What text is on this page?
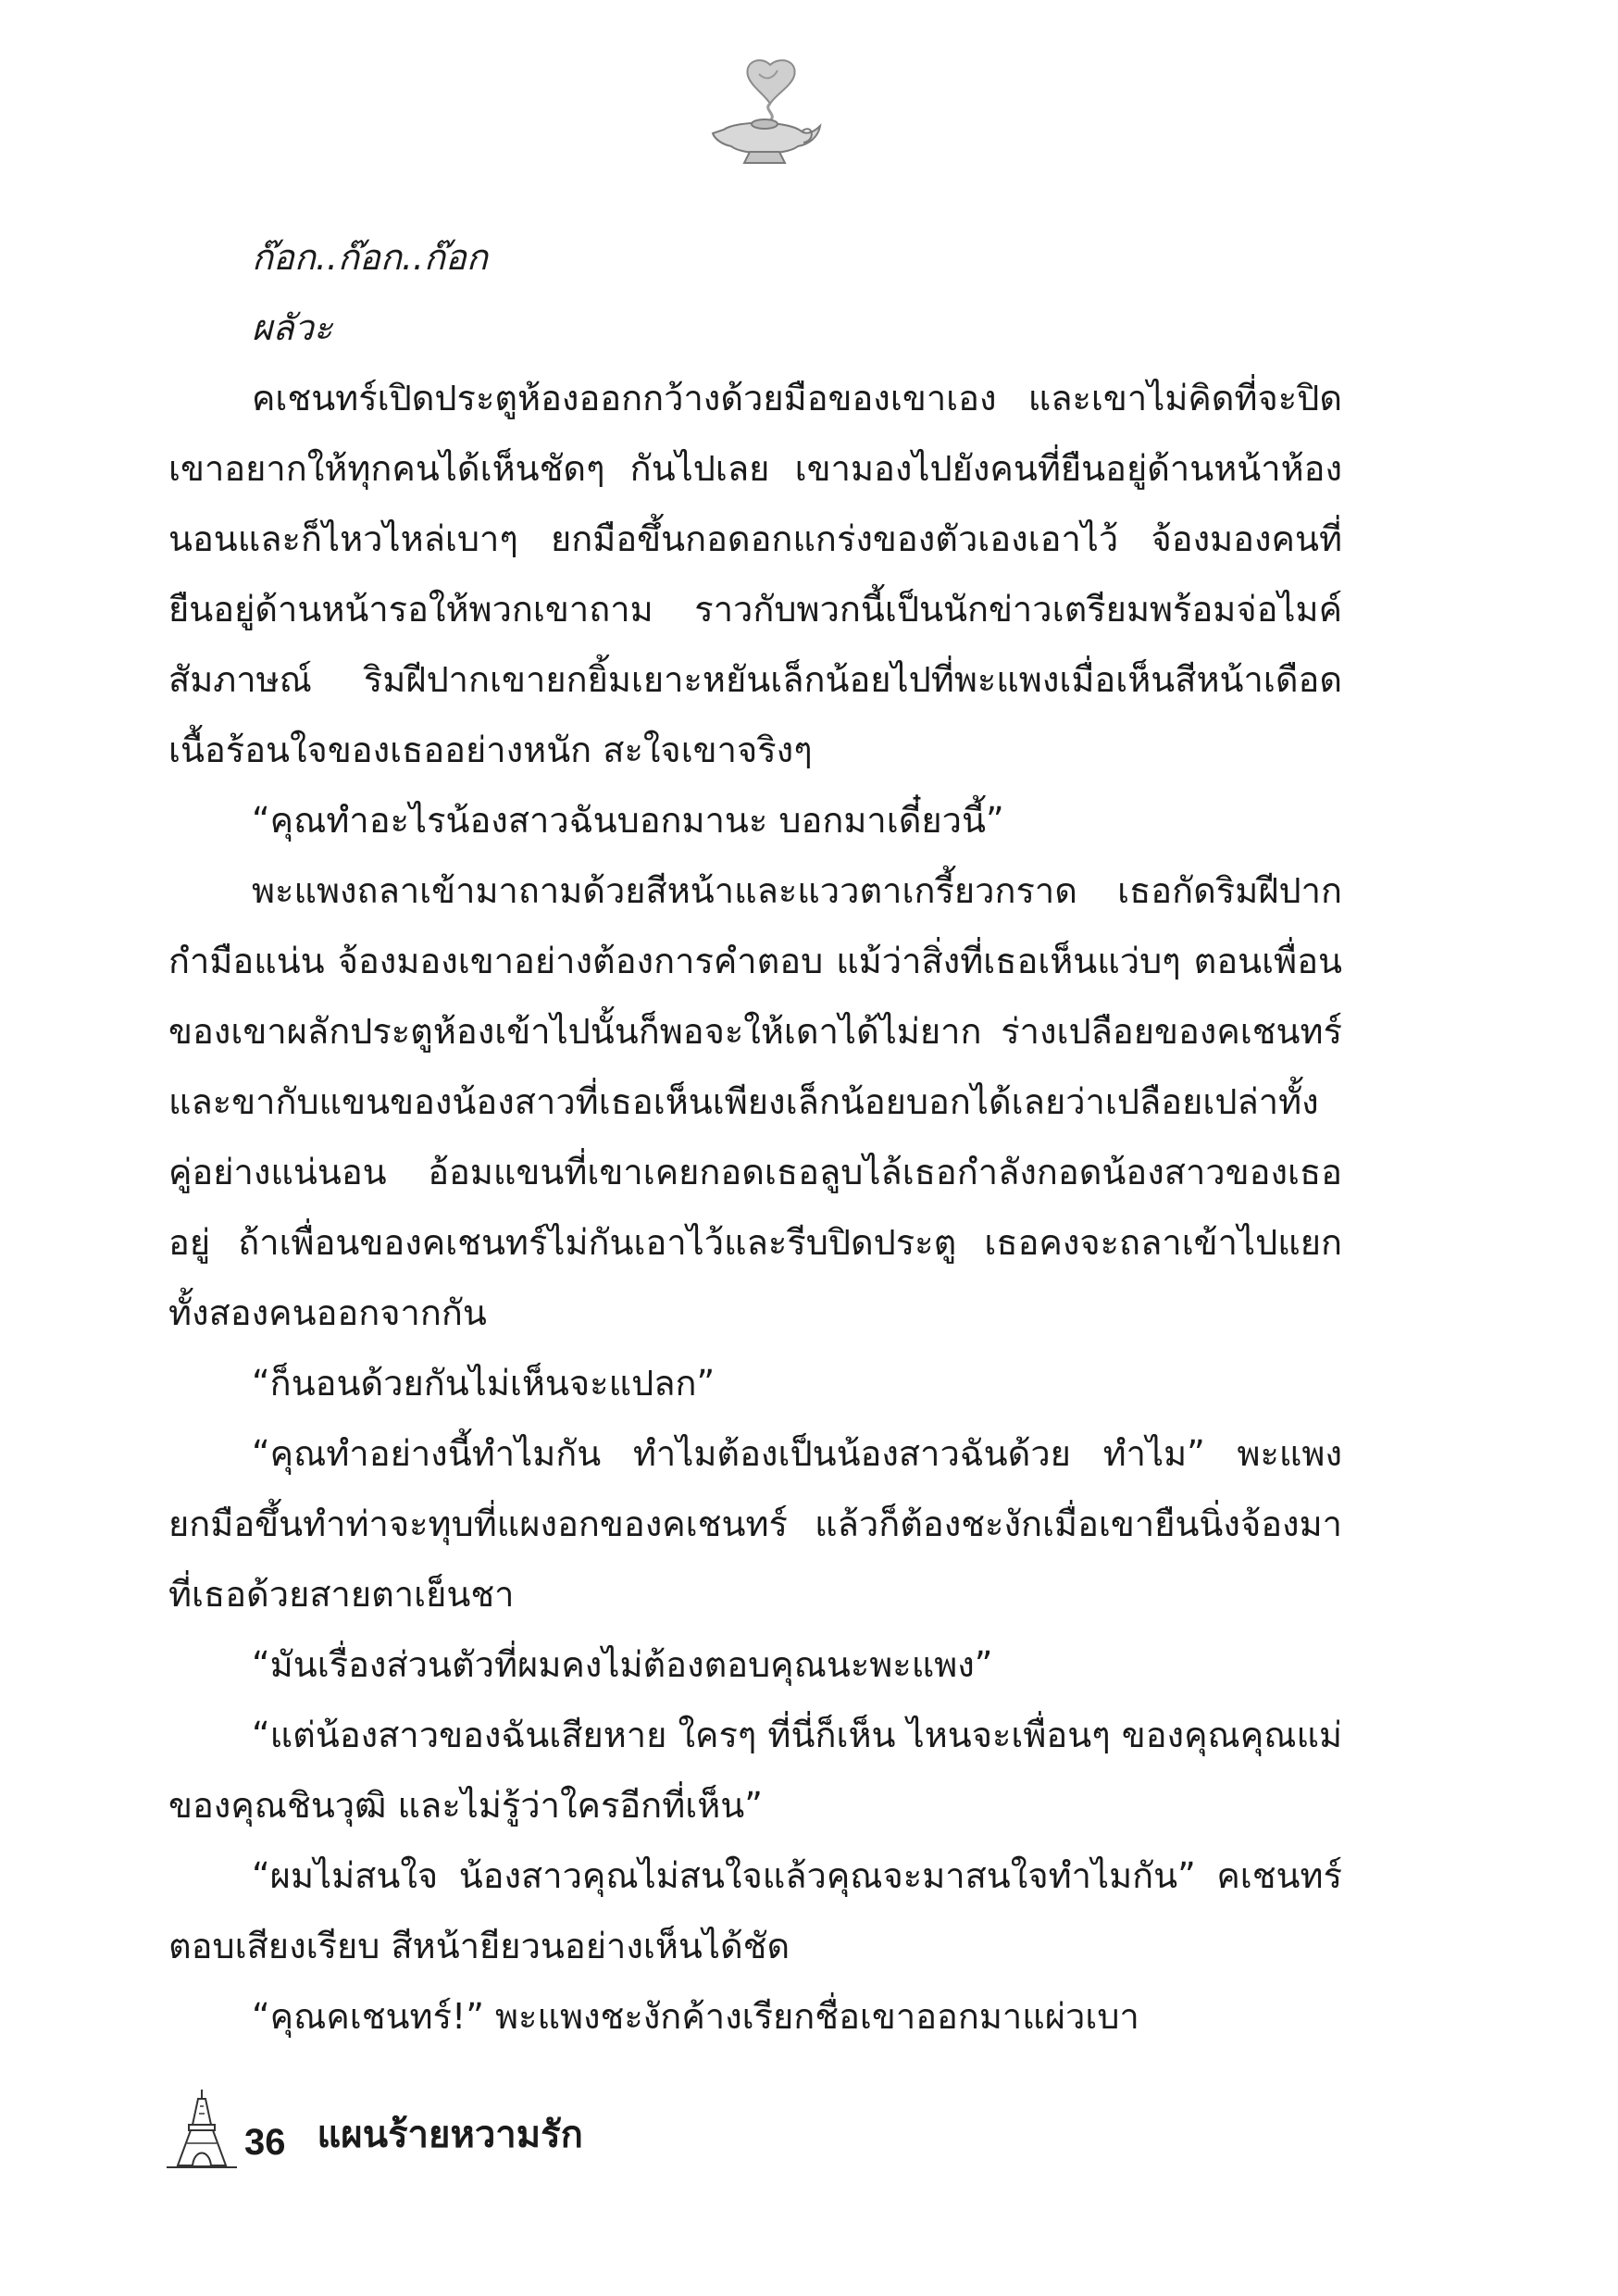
ก๊อก..ก๊อก..ก๊อก

ผลัวะ

คเชนทร์เปิดประตูห้องออกกว้างด้วยมือของเขาเอง และเขาไม่คิดที่จะปิด เขาอยากให้ทุกคนได้เห็นชัดๆ กันไปเลย เขามองไปยังคนที่ยืนอยู่ด้านหน้าห้องนอนและก็ไหวไหล่เบาๆ ยกมือขึ้นกอดอกแกร่งของตัวเองเอาไว้ จ้องมองคนที่ยืนอยู่ด้านหน้ารอให้พวกเขาถาม ราวกับพวกนี้เป็นนักข่าวเตรียมพร้อมจ่อไมค์สัมภาษณ์ ริมฝีปากเขายกยิ้มเยาะหยันเล็กน้อยไปที่พะแพงเมื่อเห็นสีหน้าเดือดเนื้อร้อนใจของเธออย่างหนัก สะใจเขาจริงๆ

“คุณทำอะไรน้องสาวฉันบอกมานะ บอกมาเดี๋ยวนี้”

พะแพงถลาเข้ามาถามด้วยสีหน้าและแววตาเกรี้ยวกราด เธอกัดริมฝีปากกำมือแน่น จ้องมองเขาอย่างต้องการคำตอบ แม้ว่าสิ่งที่เธอเห็นแว่บๆ ตอนเพื่อนของเขาผลักประตูห้องเข้าไปนั้นก็พอจะให้เดาได้ไม่ยาก ร่างเปลือยของคเชนทร์และขากับแขนของน้องสาวที่เธอเห็นเพียงเล็กน้อยบอกได้เลยว่าเปลือยเปล่าทั้งคู่อย่างแน่นอน อ้อมแขนที่เขาเคยกอดเธอลูบไล้เธอกำลังกอดน้องสาวของเธออยู่ ถ้าเพื่อนของคเชนทร์ไม่กันเอาไว้และรีบปิดประตู เธอคงจะถลาเข้าไปแยกทั้งสองคนออกจากกัน

“ก็นอนด้วยกันไม่เห็นจะแปลก”

“คุณทำอย่างนี้ทำไมกัน ทำไมต้องเป็นน้องสาวฉันด้วย ทำไม” พะแพงยกมือขึ้นทำท่าจะทุบที่แผงอกของคเชนทร์ แล้วก็ต้องชะงักเมื่อเขายืนนิ่งจ้องมาที่เธอด้วยสายตาเย็นชา

“มันเรื่องส่วนตัวที่ผมคงไม่ต้องตอบคุณนะพะแพง”

“แต่น้องสาวของฉันเสียหาย ใครๆ ที่นี่ก็เห็น ไหนจะเพื่อนๆ ของคุณคุณแม่ของคุณชินวุฒิ และไม่รู้ว่าใครอีกที่เห็น”

“ผมไม่สนใจ น้องสาวคุณไม่สนใจแล้วคุณจะมาสนใจทำไมกัน” คเชนทร์ตอบเสียงเรียบ สีหน้ายียวนอย่างเห็นได้ชัด

“คุณคเชนทร์!” พะแพงชะงักค้างเรียกชื่อเขาออกมาแผ่วเบา

36 แผนร้ายหวามรัก
